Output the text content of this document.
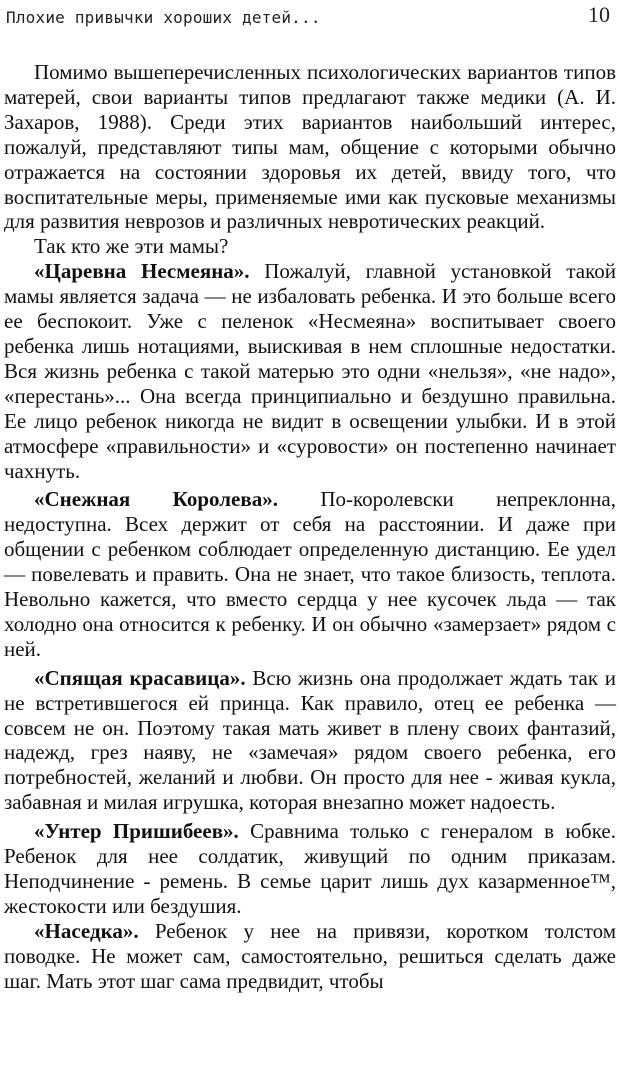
Плохие привычки хороших детей...	10

Помимо вышеперечисленных психологических вариантов типов матерей, свои варианты типов предлагают также медики (А. И. Захаров, 1988). Среди этих вариантов наибольший интерес, пожалуй, представляют типы мам, общение с которыми обычно отражается на состоянии здоровья их детей, ввиду того, что воспитательные меры, применяемые ими как пусковые механизмы для развития неврозов и различных невротических реакций.

Так кто же эти мамы?

«Царевна Несмеяна». Пожалуй, главной установкой такой мамы является задача — не избаловать ребенка. И это больше всего ее беспокоит. Уже с пеленок «Несмеяна» воспитывает своего ребенка лишь нотациями, выискивая в нем сплошные недостатки. Вся жизнь ребенка с такой матерью это одни «нельзя», «не надо», «перестань»... Она всегда принципиально и бездушно правильна. Ее лицо ребенок никогда не видит в освещении улыбки. И в этой атмосфере «правильности» и «суровости» он постепенно начинает чахнуть.

«Снежная Королева». По-королевски непреклонна, недоступна. Всех держит от себя на расстоянии. И даже при общении с ребенком соблюдает определенную дистанцию. Ее удел — повелевать и править. Она не знает, что такое близость, теплота. Невольно кажется, что вместо сердца у нее кусочек льда — так холодно она относится к ребенку. И он обычно «замерзает» рядом с ней.

«Спящая красавица». Всю жизнь она продолжает ждать так и не встретившегося ей принца. Как правило, отец ее ребенка — совсем не он. Поэтому такая мать живет в плену своих фантазий, надежд, грез наяву, не «замечая» рядом своего ребенка, его потребностей, желаний и любви. Он просто для нее - живая кукла, забавная и милая игрушка, которая внезапно может надоесть.

«Унтер Пришибеев». Сравнима только с генералом в юбке. Ребенок для нее солдатик, живущий по одним приказам. Неподчинение - ремень. В семье царит лишь дух казарменное™, жестокости или бездушия.

«Наседка». Ребенок у нее на привязи, коротком толстом поводке. Не может сам, самостоятельно, решиться сделать даже шаг. Мать этот шаг сама предвидит, чтобы
